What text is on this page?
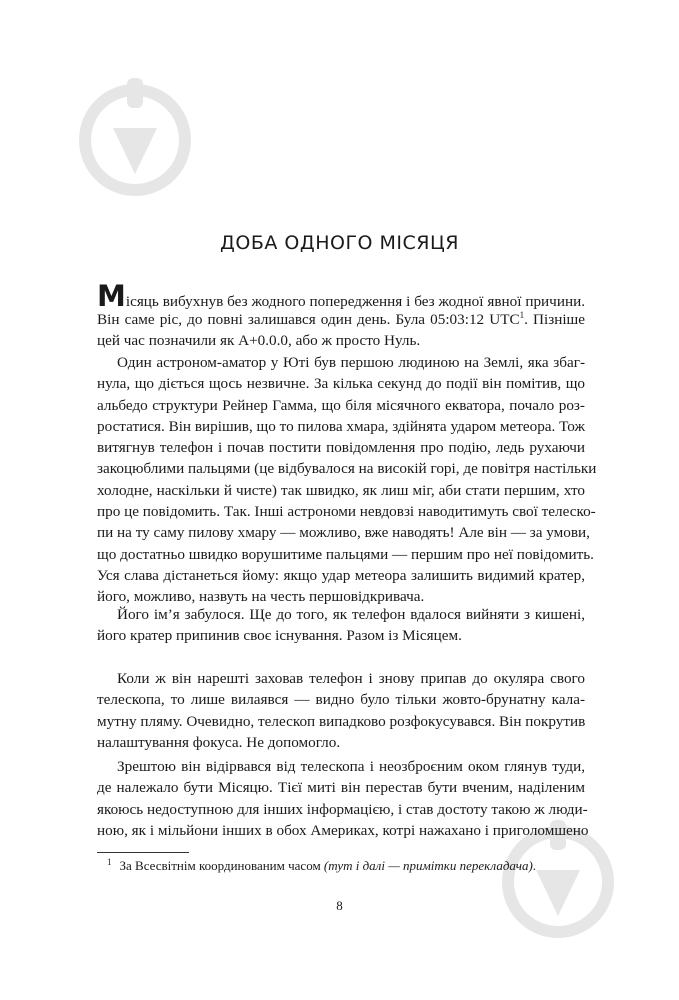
ДОБА ОДНОГО МІСЯЦЯ
Місяць вибухнув без жодного попередження і без жодної явної причини.
Він саме ріс, до повні залишався один день. Була 05:03:12 UTC$^1$. Пізніше
цей час позначили як A+0.0.0, або ж просто Нуль.
Один астроном-аматор у Юті був першою людиною на Землі, яка збаг-
нула, що діється щось незвичне. За кілька секунд до події він помітив, що
альбедо структури Рейнер Гамма, що біля місячного екватора, почало роз-
ростатися. Він вирішив, що то пилова хмара, здійнята ударом метеора. Тож
витягнув телефон і почав постити повідомлення про подію, ледь рухаючи
закоцюблими пальцями (це відбувалося на високій горі, де повітря настільки
холодне, наскільки й чисте) так швидко, як лиш міг, аби стати першим, хто
про це повідомить. Так. Інші астрономи невдовзі наводитимуть свої телеско-
пи на ту саму пилову хмару — можливо, вже наводять! Але він — за умови,
що достатньо швидко ворушитиме пальцями — першим про неї повідомить.
Уся слава дістанеться йому: якщо удар метеора залишить видимий кратер,
його, можливо, назвуть на честь першовідкривача.
Його ім’я забулося. Ще до того, як телефон вдалося вийняти з кишені,
його кратер припинив своє існування. Разом із Місяцем.
Коли ж він нарешті заховав телефон і знову припав до окуляра свого
телескопа, то лише вилаявся — видно було тільки жовто-брунатну кала-
мутну пляму. Очевидно, телескоп випадково розфокусувався. Він покрутив
налаштування фокуса. Не допомогло.
Зрештою він відірвався від телескопа і неозброєним оком глянув туди,
де належало бути Місяцю. Тієї миті він перестав бути вченим, наділеним
якоюсь недоступною для інших інформацією, і став достоту такою ж люди-
ною, як і мільйони інших в обох Америках, котрі нажахано і приголомшено
$^1$ За Всесвітнім координованим часом (тут і далі — примітки перекладача).
8
